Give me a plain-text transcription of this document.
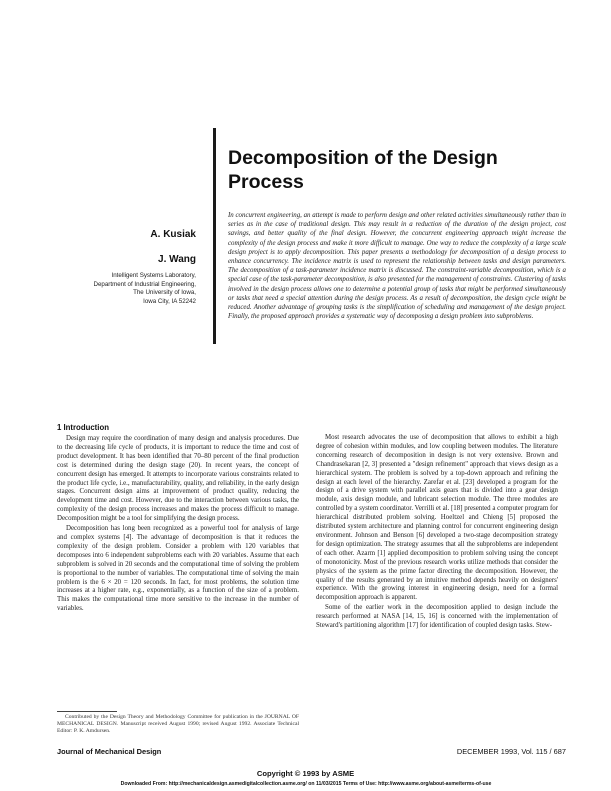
Decomposition of the Design
Process
A. Kusiak
J. Wang
Intelligent Systems Laboratory,
Department of Industrial Engineering,
The University of Iowa,
Iowa City, IA 52242
In concurrent engineering, an attempt is made to perform design and other related activities simultaneously rather than in series as in the case of traditional design. This may result in a reduction of the duration of the design project, cost savings, and better quality of the final design. However, the concurrent engineering approach might increase the complexity of the design process and make it more difficult to manage. One way to reduce the complexity of a large scale design project is to apply decomposition. This paper presents a methodology for decomposition of a design process to enhance concurrency. The incidence matrix is used to represent the relationship between tasks and design parameters. The decomposition of a task-parameter incidence matrix is discussed. The constraint-variable decomposition, which is a special case of the task-parameter decomposition, is also presented for the management of constraints. Clustering of tasks involved in the design process allows one to determine a potential group of tasks that might be performed simultaneously or tasks that need a special attention during the design process. As a result of decomposition, the design cycle might be reduced. Another advantage of grouping tasks is the simplification of scheduling and management of the design project. Finally, the proposed approach provides a systematic way of decomposing a design problem into subproblems.
1 Introduction

Design may require the coordination of many design and analysis procedures. Due to the decreasing life cycle of products, it is important to reduce the time and cost of product development. It has been identified that 70–80 percent of the final production cost is determined during the design stage (20). In recent years, the concept of concurrent design has emerged. It attempts to incorporate various constraints related to the product life cycle, i.e., manufacturability, quality, and reliability, in the early design stages. Concurrent design aims at improvement of product quality, reducing the development time and cost. However, due to the interaction between various tasks, the complexity of the design process increases and makes the process difficult to manage. Decomposition might be a tool for simplifying the design process.

Decomposition has long been recognized as a powerful tool for analysis of large and complex systems [4]. The advantage of decomposition is that it reduces the complexity of the design problem. Consider a problem with 120 variables that decomposes into 6 independent subproblems each with 20 variables. Assume that each subproblem is solved in 20 seconds and the computational time of solving the problem is proportional to the number of variables. The computational time of solving the main problem is the 6 × 20 = 120 seconds. In fact, for most problems, the solution time increases at a higher rate, e.g., exponentially, as a function of the size of a problem. This makes the computational time more sensitive to the increase in the number of variables.

Most research advocates the use of decomposition that allows to exhibit a high degree of cohesion within modules, and low coupling between modules. The literature concerning research of decomposition in design is not very extensive. Brown and Chandrasekaran [2, 3] presented a "design refinement" approach that views design as a hierarchical system. The problem is solved by a top-down approach and refining the design at each level of the hierarchy. Zarefar et al. [23] developed a program for the design of a drive system with parallel axis gears that is divided into a gear design module, axis design module, and lubricant selection module. The three modules are controlled by a system coordinator. Verrilli et al. [18] presented a computer program for hierarchical distributed problem solving. Hoeltzel and Chieng [5] proposed the distributed system architecture and planning control for concurrent engineering design environment. Johnson and Benson [6] developed a two-stage decomposition strategy for design optimization. The strategy assumes that all the subproblems are independent of each other. Azarm [1] applied decomposition to problem solving using the concept of monotonicity. Most of the previous research works utilize methods that consider the physics of the system as the prime factor directing the decomposition. However, the quality of the results generated by an intuitive method depends heavily on designers' experience. With the growing interest in engineering design, need for a formal decomposition approach is apparent.

Some of the earlier work in the decomposition applied to design include the research performed at NASA [14, 15, 16] is concerned with the implementation of Steward's partitioning algorithm [17] for identification of coupled design tasks. Stew-

Contributed by the Design Theory and Methodology Committee for publication in the JOURNAL OF MECHANICAL DESIGN. Manuscript received August 1990; revised August 1992. Associate Technical Editor: P. K. Amdursen.
Journal of Mechanical Design	DECEMBER 1993, Vol. 115 / 687
Copyright © 1993 by ASME
Downloaded From: http://mechanicaldesign.asmedigitalcollection.asme.org/ on 11/03/2015 Terms of Use: http://www.asme.org/about-asme/terms-of-use
